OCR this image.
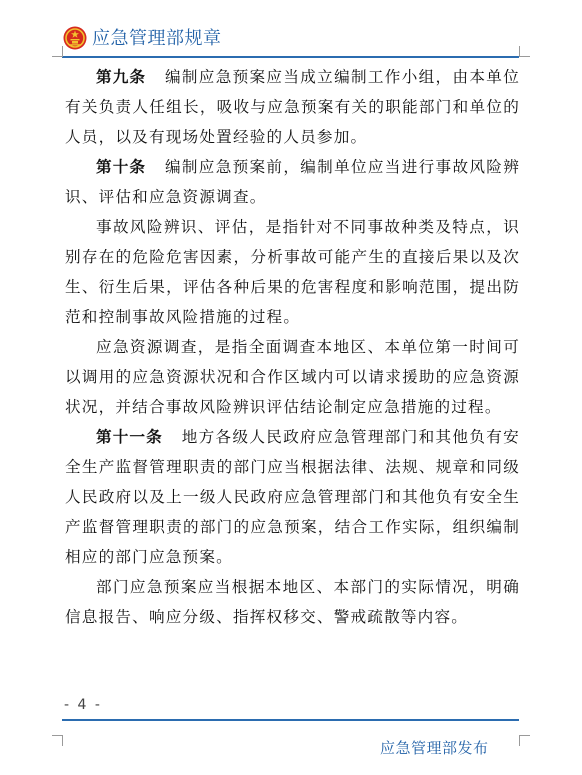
应急管理部规章

第九条 编制应急预案应当成立编制工作小组，由本单位有关负责人任组长，吸收与应急预案有关的职能部门和单位的人员，以及有现场处置经验的人员参加。

第十条 编制应急预案前，编制单位应当进行事故风险辨识、评估和应急资源调查。

事故风险辨识、评估，是指针对不同事故种类及特点，识别存在的危险危害因素，分析事故可能产生的直接后果以及次生、衍生后果，评估各种后果的危害程度和影响范围，提出防范和控制事故风险措施的过程。

应急资源调查，是指全面调查本地区、本单位第一时间可以调用的应急资源状况和合作区域内可以请求援助的应急资源状况，并结合事故风险辨识评估结论制定应急措施的过程。

第十一条 地方各级人民政府应急管理部门和其他负有安全生产监督管理职责的部门应当根据法律、法规、规章和同级人民政府以及上一级人民政府应急管理部门和其他负有安全生产监督管理职责的部门的应急预案，结合工作实际，组织编制相应的部门应急预案。

部门应急预案应当根据本地区、本部门的实际情况，明确信息报告、响应分级、指挥权移交、警戒疏散等内容。

- 4 -
应急管理部发布
